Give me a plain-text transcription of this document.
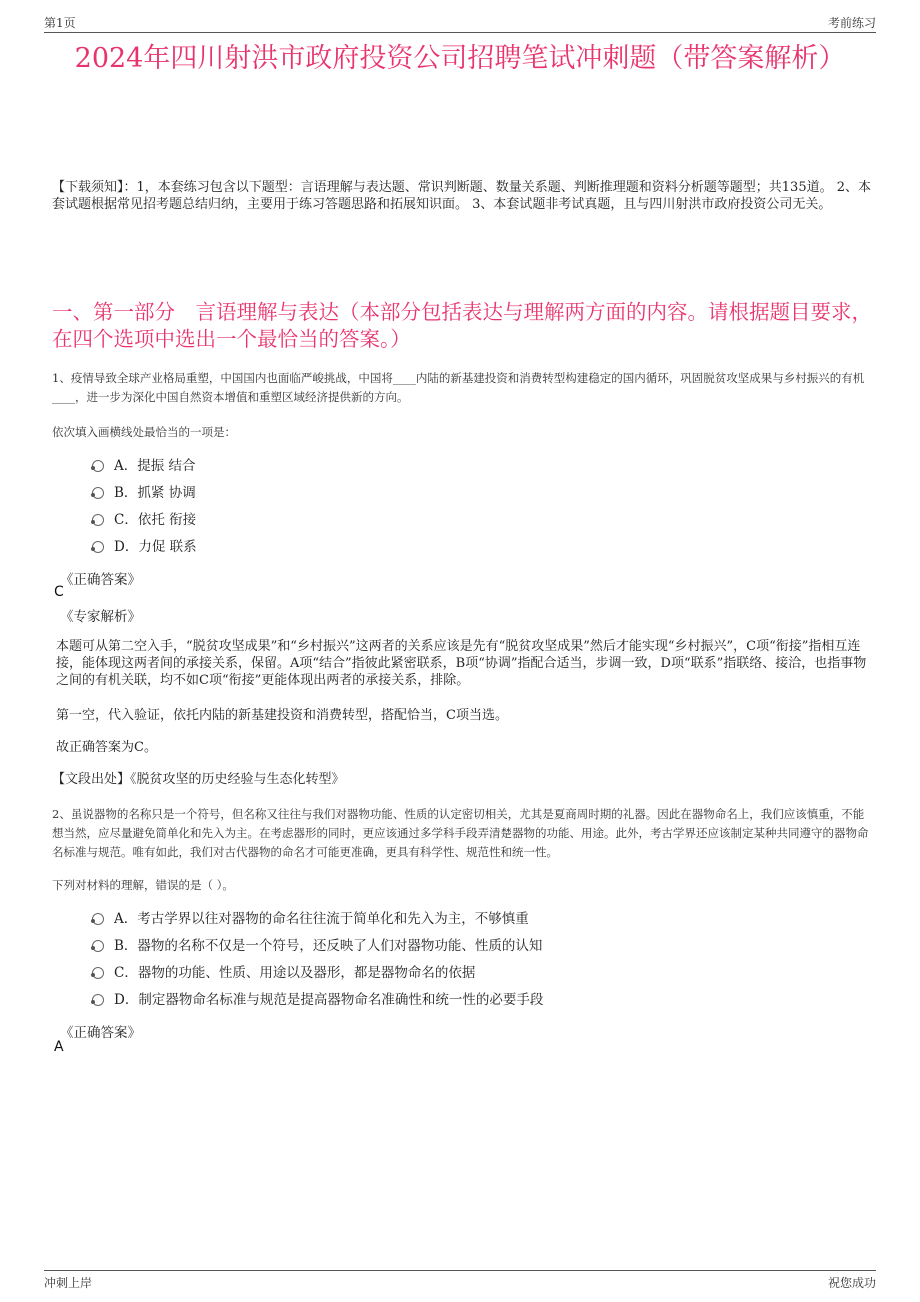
第1页	考前练习
2024年四川射洪市政府投资公司招聘笔试冲刺题（带答案解析）
【下载须知】：1，本套练习包含以下题型：言语理解与表达题、常识判断题、数量关系题、判断推理题和资料分析题等题型；共135道。 2、本套试题根据常见招考题总结归纳，主要用于练习答题思路和拓展知识面。 3、本套试题非考试真题，且与四川射洪市政府投资公司无关。
一、第一部分　言语理解与表达（本部分包括表达与理解两方面的内容。请根据题目要求，在四个选项中选出一个最恰当的答案。）
1、疫情导致全球产业格局重塑，中国国内也面临严峻挑战，中国将____内陆的新基建投资和消费转型构建稳定的国内循环，巩固脱贫攻坚成果与乡村振兴的有机____，进一步为深化中国自然资本增值和重塑区域经济提供新的方向。
依次填入画横线处最恰当的一项是：
A．提振 结合
B．抓紧 协调
C．依托 衔接
D．力促 联系
《正确答案》
C
《专家解析》
本题可从第二空入手，“脱贫攻坚成果”和“乡村振兴”这两者的关系应该是先有“脱贫攻坚成果”然后才能实现“乡村振兴”，C项“衔接”指相互连接，能体现这两者间的承接关系，保留。A项“结合”指彼此紧密联系，B项“协调”指配合适当，步调一致，D项“联系”指联络、接洽，也指事物之间的有机关联，均不如C项“衔接”更能体现出两者的承接关系，排除。
第一空，代入验证，依托内陆的新基建投资和消费转型，搭配恰当，C项当选。
故正确答案为C。
【文段出处】《脱贫攻坚的历史经验与生态化转型》
2、虽说器物的名称只是一个符号，但名称又往往与我们对器物功能、性质的认定密切相关，尤其是夏商周时期的礼器。因此在器物命名上，我们应该慎重，不能想当然，应尽量避免简单化和先入为主。在考虑器形的同时，更应该通过多学科手段弄清楚器物的功能、用途。此外，考古学界还应该制定某种共同遵守的器物命名标准与规范。唯有如此，我们对古代器物的命名才可能更准确，更具有科学性、规范性和统一性。
下列对材料的理解，错误的是（ ）。
A．考古学界以往对器物的命名往往流于简单化和先入为主，不够慎重
B．器物的名称不仅是一个符号，还反映了人们对器物功能、性质的认知
C．器物的功能、性质、用途以及器形，都是器物命名的依据
D．制定器物命名标准与规范是提高器物命名准确性和统一性的必要手段
《正确答案》
A
冲刺上岸	祝您成功
